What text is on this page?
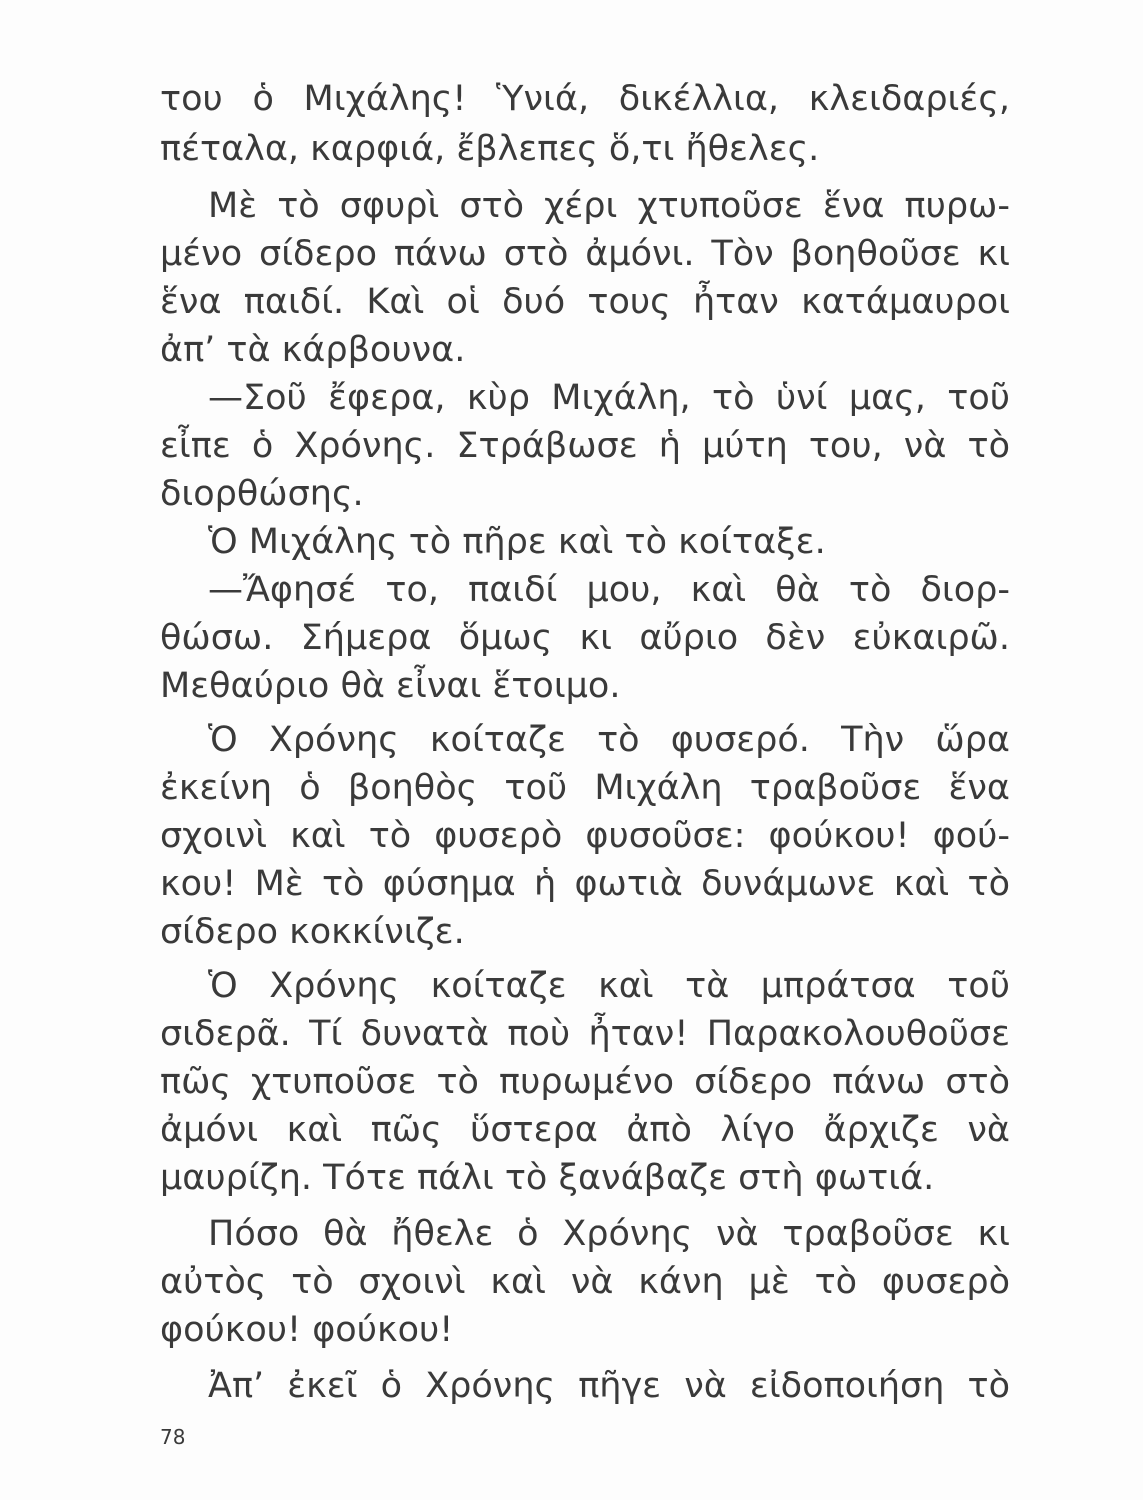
του ὁ Μιχάλης! Ὑνιά, δικέλλια, κλειδαριές,
πέταλα, καρφιά, ἔβλεπες ὅ,τι ἤθελες.
Μὲ τὸ σφυρὶ στὸ χέρι χτυποῦσε ἕνα πυρω-
μένο σίδερο πάνω στὸ ἀμόνι. Τὸν βοηθοῦσε κι
ἕνα παιδί. Καὶ οἱ δυό τους ἦταν κατάμαυροι
ἀπ’ τὰ κάρβουνα.
—Σοῦ ἔφερα, κὺρ Μιχάλη, τὸ ὑνί μας, τοῦ
εἶπε ὁ Χρόνης. Στράβωσε ἡ μύτη του, νὰ τὸ
διορθώσης.
Ὁ Μιχάλης τὸ πῆρε καὶ τὸ κοίταξε.
—Ἄφησέ το, παιδί μου, καὶ θὰ τὸ διορ-
θώσω. Σήμερα ὅμως κι αὔριο δὲν εὐκαιρῶ.
Μεθαύριο θὰ εἶναι ἕτοιμο.
Ὁ Χρόνης κοίταζε τὸ φυσερό. Τὴν ὥρα
ἐκείνη ὁ βοηθὸς τοῦ Μιχάλη τραβοῦσε ἕνα
σχοινὶ καὶ τὸ φυσερὸ φυσοῦσε: φούκου! φού-
κου! Μὲ τὸ φύσημα ἡ φωτιὰ δυνάμωνε καὶ τὸ
σίδερο κοκκίνιζε.
Ὁ Χρόνης κοίταζε καὶ τὰ μπράτσα τοῦ
σιδερᾶ. Τί δυνατὰ ποὺ ἦταν! Παρακολουθοῦσε
πῶς χτυποῦσε τὸ πυρωμένο σίδερο πάνω στὸ
ἀμόνι καὶ πῶς ὕστερα ἀπὸ λίγο ἄρχιζε νὰ
μαυρίζη. Τότε πάλι τὸ ξανάβαζε στὴ φωτιά.
Πόσο θὰ ἤθελε ὁ Χρόνης νὰ τραβοῦσε κι
αὐτὸς τὸ σχοινὶ καὶ νὰ κάνη μὲ τὸ φυσερὸ
φούκου! φούκου!
Ἀπ’ ἐκεῖ ὁ Χρόνης πῆγε νὰ εἰδοποιήση τὸ
78
